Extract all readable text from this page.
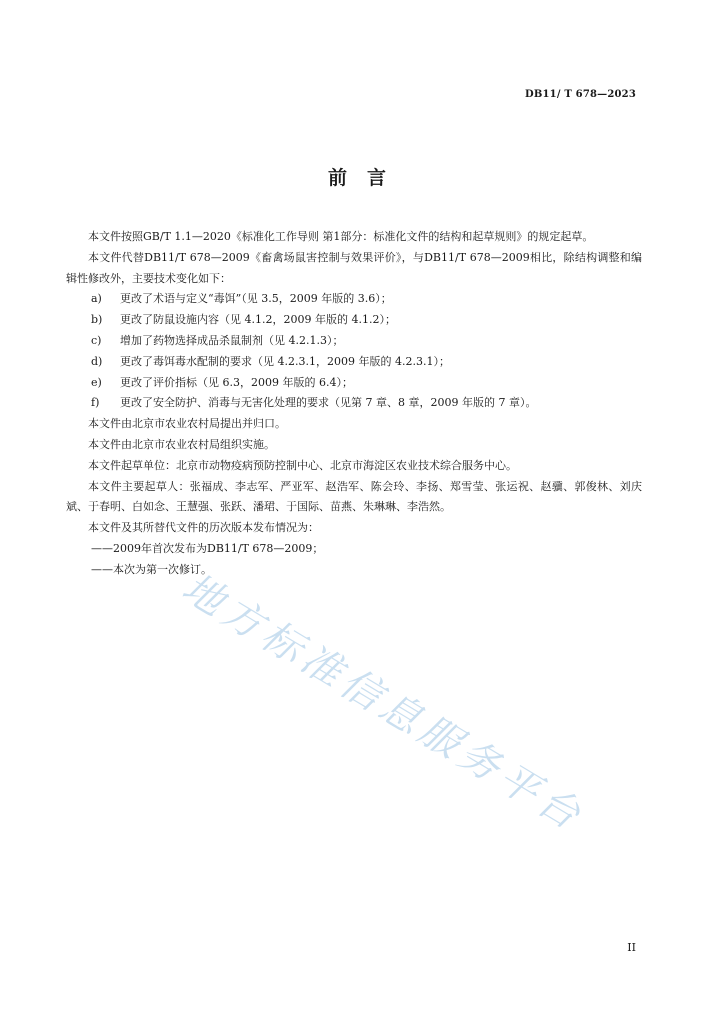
DB11/ T 678—2023
前言

本文件按照GB/T 1.1—2020《标准化工作导则 第1部分：标准化文件的结构和起草规则》的规定起草。

本文件代替DB11/T 678—2009《畜禽场鼠害控制与效果评价》，与DB11/T 678—2009相比，除结构调整和编辑性修改外，主要技术变化如下：

a) 更改了术语与定义“毒饵”（见 3.5，2009 年版的 3.6）；

b) 更改了防鼠设施内容（见 4.1.2，2009 年版的 4.1.2）；

c) 增加了药物选择成品杀鼠制剂（见 4.2.1.3）；

d) 更改了毒饵毒水配制的要求（见 4.2.3.1，2009 年版的 4.2.3.1）；

e) 更改了评价指标（见 6.3，2009 年版的 6.4）；

f) 更改了安全防护、消毒与无害化处理的要求（见第 7 章、8 章，2009 年版的 7 章）。

本文件由北京市农业农村局提出并归口。

本文件由北京市农业农村局组织实施。

本文件起草单位：北京市动物疫病预防控制中心、北京市海淀区农业技术综合服务中心。

本文件主要起草人：张福成、李志军、严亚军、赵浩军、陈会玲、李扬、郑雪莹、张运祝、赵骥、郭俊林、刘庆斌、于春明、白如念、王慧强、张跃、潘珺、于国际、苗燕、朱琳琳、李浩然。

本文件及其所替代文件的历次版本发布情况为：

——2009年首次发布为DB11/T 678—2009；

——本次为第一次修订。

地方标准信息服务平台
II
